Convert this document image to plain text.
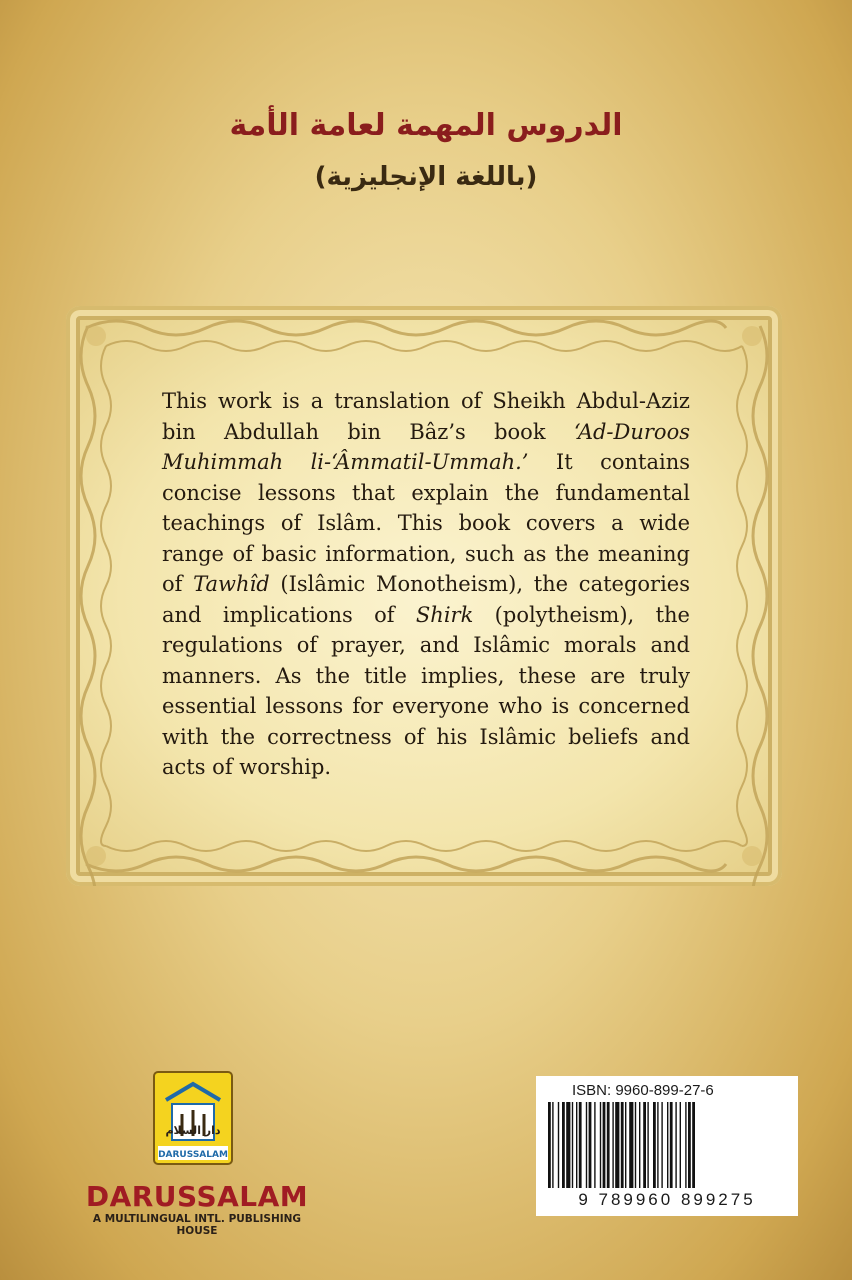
الدروس المهمة لعامة الأمة
(باللغة الإنجليزية)
This work is a translation of Sheikh Abdul-Aziz bin Abdullah bin Bâz’s book ‘Ad-Duroos Muhimmah li-‘Âmmatil-Ummah.’ It contains concise lessons that explain the fundamental teachings of Islâm. This book covers a wide range of basic information, such as the meaning of Tawhîd (Islâmic Monotheism), the categories and implications of Shirk (polytheism), the regulations of prayer, and Islâmic morals and manners. As the title implies, these are truly essential lessons for everyone who is concerned with the correctness of his Islâmic beliefs and acts of worship.
دار السلام
DARUSSALAM
DARUSSALAM
A MULTILINGUAL INTL. PUBLISHING HOUSE
ISBN: 9960-899-27-6
9 789960 899275
